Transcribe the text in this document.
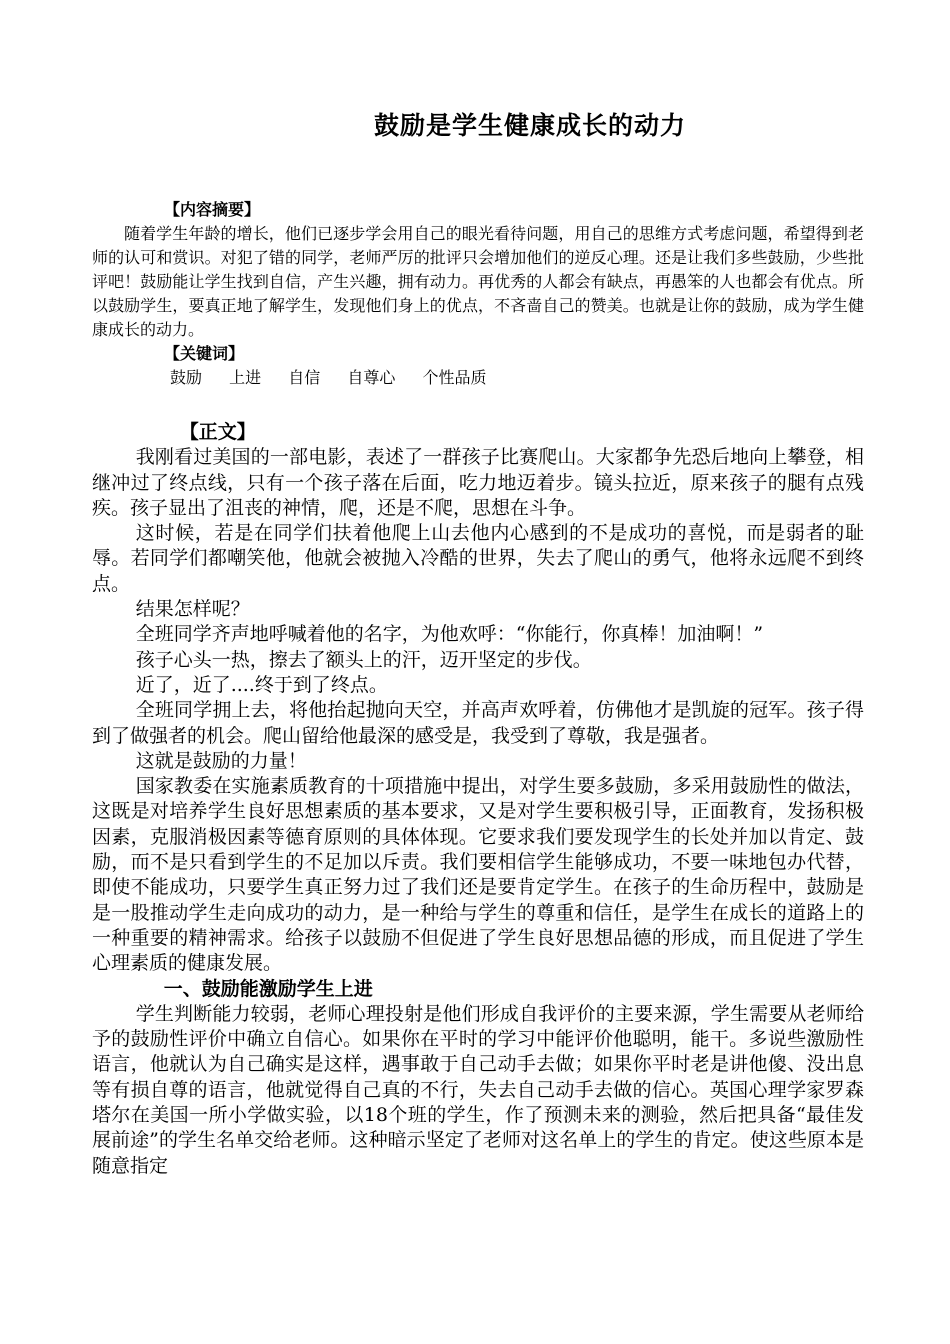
鼓励是学生健康成长的动力

【内容摘要】

随着学生年龄的增长，他们已逐步学会用自己的眼光看待问题，用自己的思维方式考虑问题，希望得到老师的认可和赏识。对犯了错的同学，老师严厉的批评只会增加他们的逆反心理。还是让我们多些鼓励，少些批评吧！鼓励能让学生找到自信，产生兴趣，拥有动力。再优秀的人都会有缺点，再愚笨的人也都会有优点。所以鼓励学生，要真正地了解学生，发现他们身上的优点，不吝啬自己的赞美。也就是让你的鼓励，成为学生健康成长的动力。

【关键词】

鼓励 上进 自信 自尊心 个性品质

【正文】

我刚看过美国的一部电影，表述了一群孩子比赛爬山。大家都争先恐后地向上攀登，相继冲过了终点线，只有一个孩子落在后面，吃力地迈着步。镜头拉近，原来孩子的腿有点残疾。孩子显出了沮丧的神情，爬，还是不爬，思想在斗争。

这时候，若是在同学们扶着他爬上山去他内心感到的不是成功的喜悦，而是弱者的耻辱。若同学们都嘲笑他，他就会被抛入冷酷的世界，失去了爬山的勇气，他将永远爬不到终点。

结果怎样呢？

全班同学齐声地呼喊着他的名字，为他欢呼：“你能行，你真棒！加油啊！”

孩子心头一热，擦去了额头上的汗，迈开坚定的步伐。

近了，近了....终于到了终点。

全班同学拥上去，将他抬起抛向天空，并高声欢呼着，仿佛他才是凯旋的冠军。孩子得到了做强者的机会。爬山留给他最深的感受是，我受到了尊敬，我是强者。

这就是鼓励的力量！

国家教委在实施素质教育的十项措施中提出，对学生要多鼓励，多采用鼓励性的做法，这既是对培养学生良好思想素质的基本要求，又是对学生要积极引导，正面教育，发扬积极因素，克服消极因素等德育原则的具体体现。它要求我们要发现学生的长处并加以肯定、鼓励，而不是只看到学生的不足加以斥责。我们要相信学生能够成功，不要一味地包办代替，即使不能成功，只要学生真正努力过了我们还是要肯定学生。在孩子的生命历程中，鼓励是是一股推动学生走向成功的动力，是一种给与学生的尊重和信任，是学生在成长的道路上的一种重要的精神需求。给孩子以鼓励不但促进了学生良好思想品德的形成，而且促进了学生心理素质的健康发展。

一、鼓励能激励学生上进

学生判断能力较弱，老师心理投射是他们形成自我评价的主要来源，学生需要从老师给予的鼓励性评价中确立自信心。如果你在平时的学习中能评价他聪明，能干。多说些激励性语言，他就认为自己确实是这样，遇事敢于自己动手去做；如果你平时老是讲他傻、没出息等有损自尊的语言，他就觉得自己真的不行，失去自己动手去做的信心。英国心理学家罗森塔尔在美国一所小学做实验，以18个班的学生，作了预测未来的测验，然后把具备“最佳发展前途”的学生名单交给老师。这种暗示坚定了老师对这名单上的学生的肯定。使这些原本是随意指定
